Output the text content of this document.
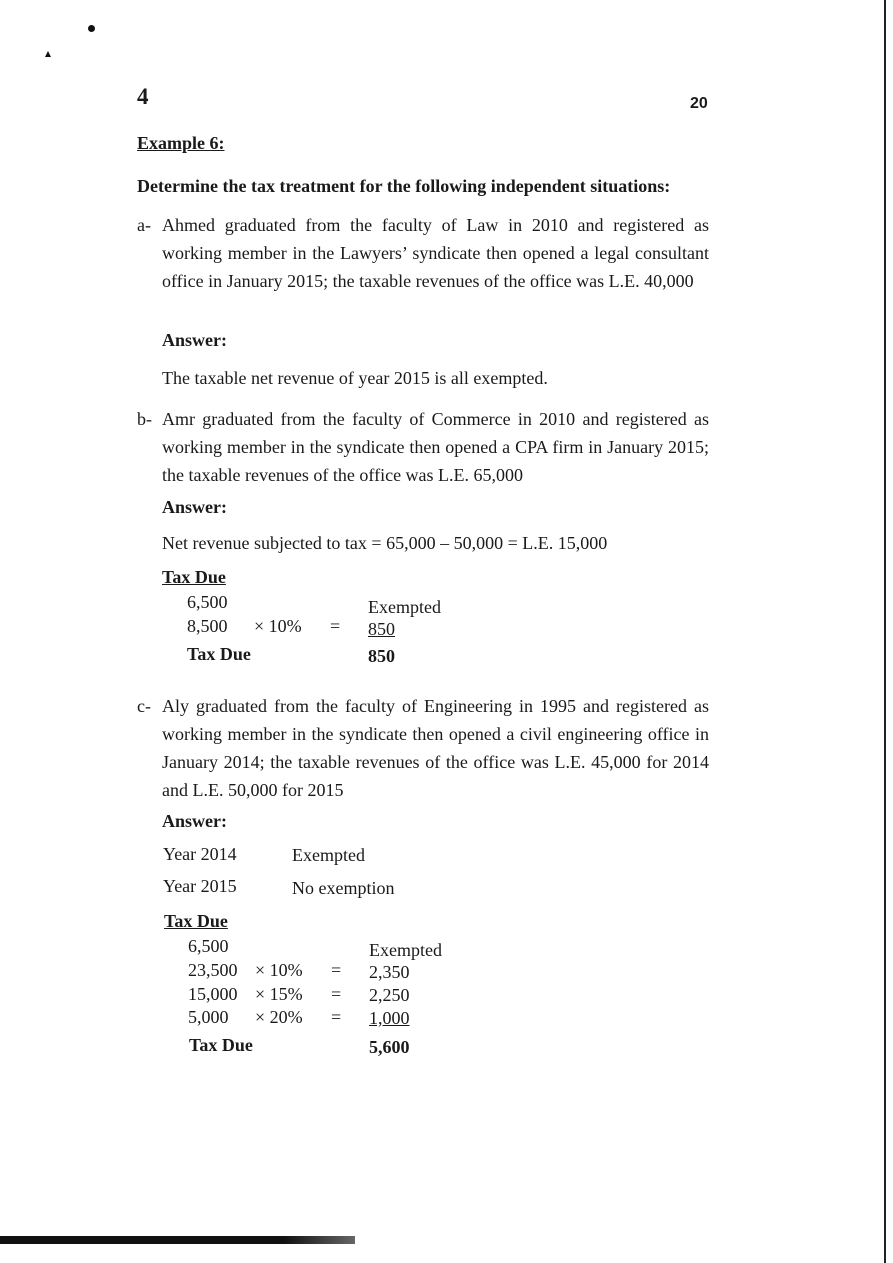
4	20
Example 6:
Determine the tax treatment for the following independent situations:
a- Ahmed graduated from the faculty of Law in 2010 and registered as working member in the Lawyers’ syndicate then opened a legal consultant office in January 2015; the taxable revenues of the office was L.E. 40,000
Answer:
The taxable net revenue of year 2015 is all exempted.
b- Amr graduated from the faculty of Commerce in 2010 and registered as working member in the syndicate then opened a CPA firm in January 2015; the taxable revenues of the office was L.E. 65,000
Answer:
Net revenue subjected to tax = 65,000 – 50,000 = L.E. 15,000
Tax Due
6,500	Exempted
8,500 × 10% = 850
Tax Due	850
c- Aly graduated from the faculty of Engineering in 1995 and registered as working member in the syndicate then opened a civil engineering office in January 2014; the taxable revenues of the office was L.E. 45,000 for 2014 and L.E. 50,000 for 2015
Answer:
Year 2014	Exempted
Year 2015	No exemption
Tax Due
6,500	Exempted
23,500 × 10% = 2,350
15,000 × 15% = 2,250
5,000 × 20% = 1,000
Tax Due	5,600
